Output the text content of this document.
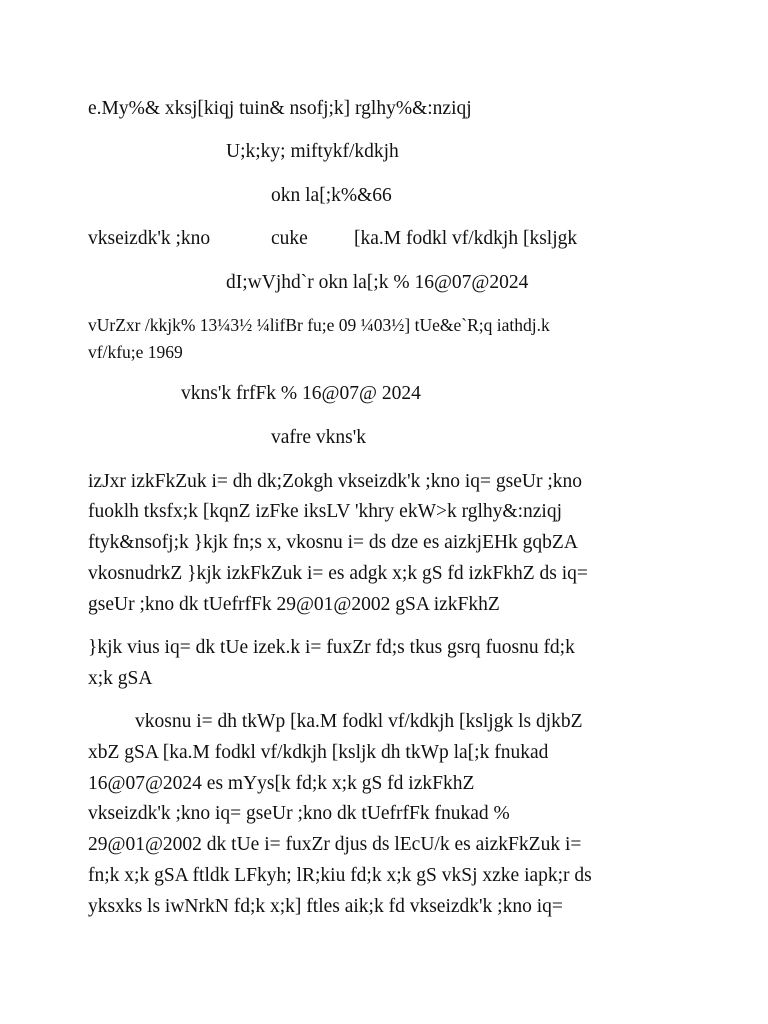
e.My%& xksj[kiqj tuin& nsofj;k] rglhy%&:nziqj
U;k;ky; miftykf/kdkjh
okn la[;k%&66
vkseizdk'k ;kno	cuke [ka.M fodkl vf/kdkjh [ksljgk
dI;wVjhd`r okn la[;k % 16@07@2024
vUrZxr /kkjk% 13¼3½ ¼lifBr fu;e 09 ¼03½] tUe&e`R;q iathdj.k
vf/kfu;e 1969
vkns'k frfFk % 16@07@ 2024
vafre vkns'k
izJxr izkFkZuk i= dh dk;Zokgh vkseizdk'k ;kno iq= gseUr ;kno
fuoklh tksfx;k [kqnZ izFke iksLV 'khry ekW>k rglhy&:nziqj
ftyk&nsofj;k }kjk fn;s x, vkosnu i= ds dze es aizkjEHk gqbZA
vkosnudrkZ }kjk izkFkZuk i= es adgk x;k gS fd izkFkhZ ds iq=
gseUr ;kno dk tUefrfFk 29@01@2002 gSA izkFkhZ
}kjk vius iq= dk tUe izek.k i= fuxZr fd;s tkus gsrq fuosnu fd;k
x;k gSA
vkosnu i= dh tkWp [ka.M fodkl vf/kdkjh [ksljgk ls djkbZ
xbZ gSA [ka.M fodkl vf/kdkjh [ksljk dh tkWp la[;k fnukad
16@07@2024 es mYys[k fd;k x;k gS fd izkFkhZ
vkseizdk'k ;kno iq= gseUr ;kno dk tUefrfFk fnukad %
29@01@2002 dk tUe i= fuxZr djus ds lEcU/k es aizkFkZuk i=
fn;k x;k gSA ftldk LFkyh; lR;kiu fd;k x;k gS vkSj xzke iapk;r ds
yksxks ls iwNrkN fd;k x;k] ftles aik;k fd vkseizdk'k ;kno iq=
